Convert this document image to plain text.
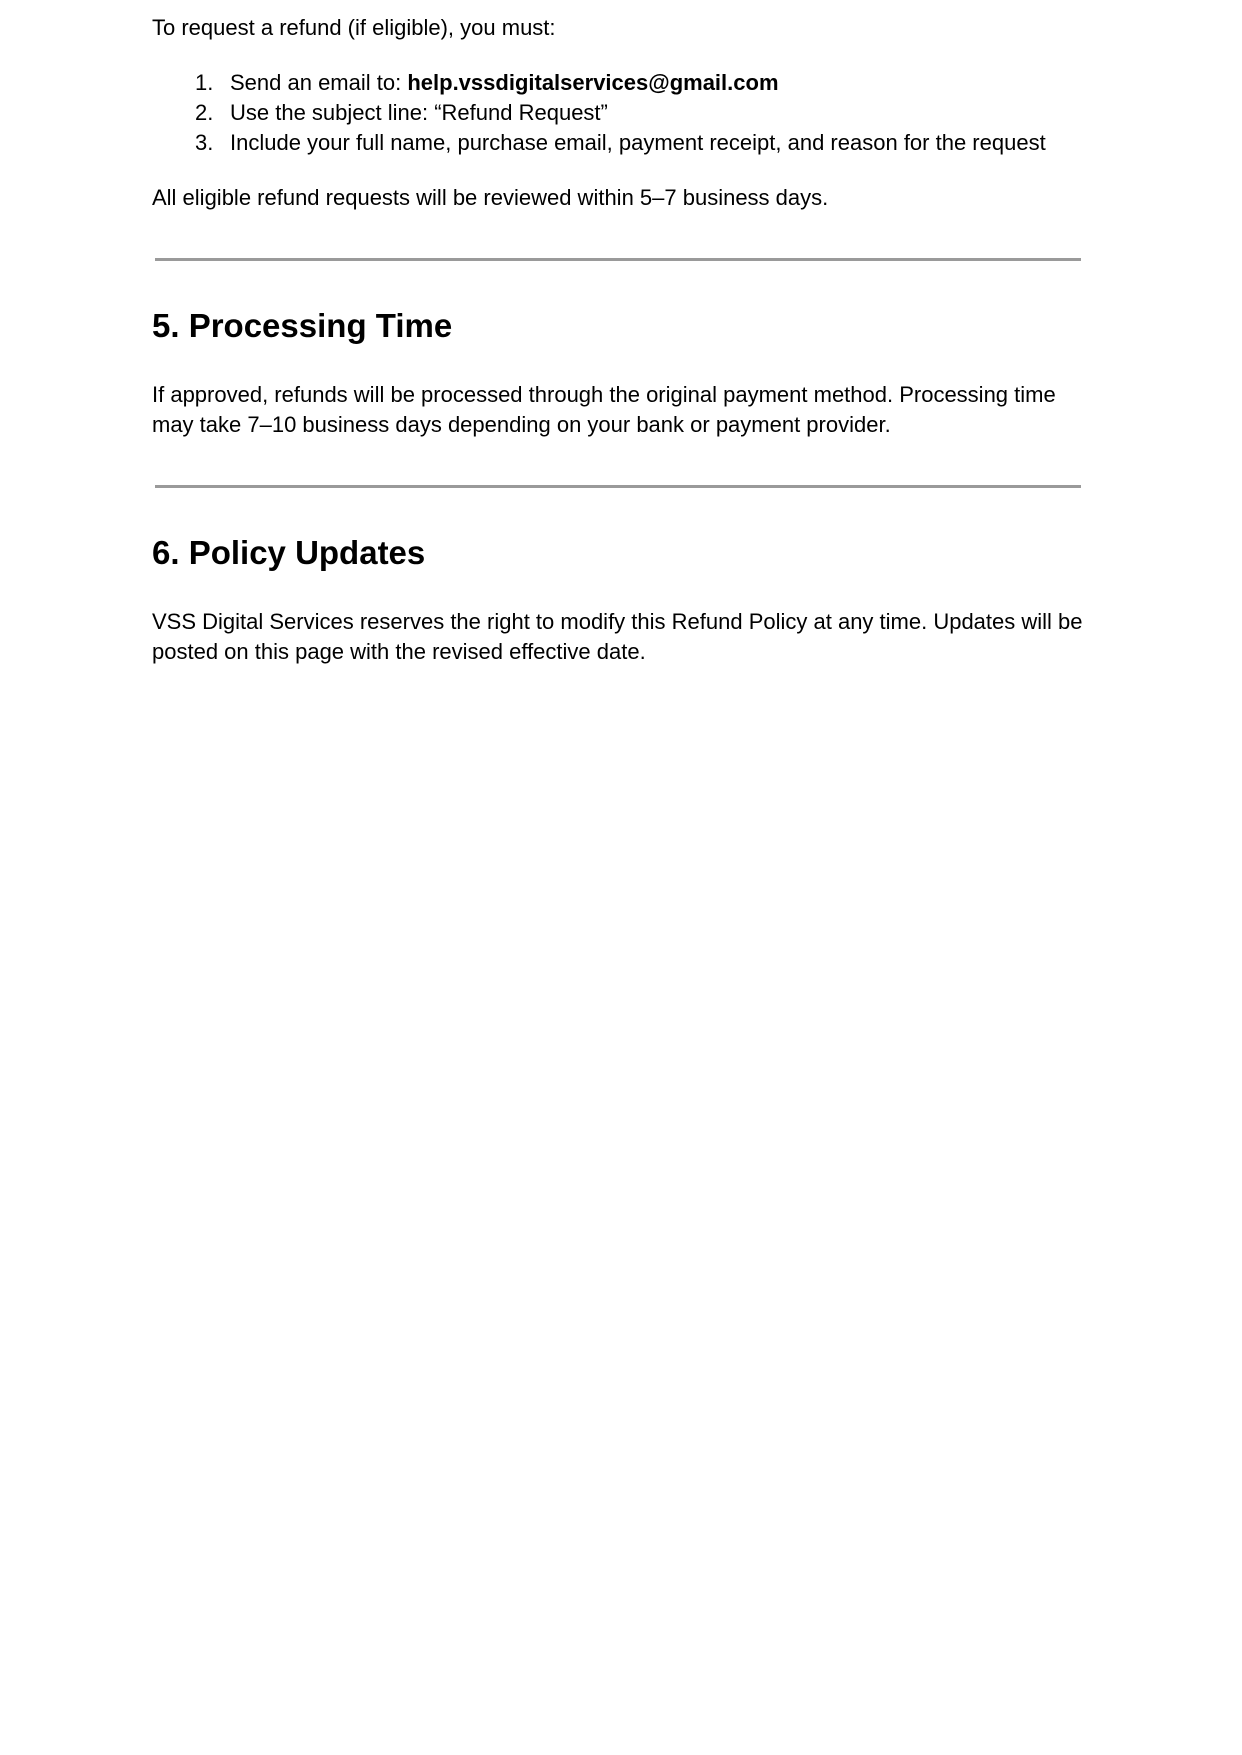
To request a refund (if eligible), you must:

1. Send an email to: help.vssdigitalservices@gmail.com
2. Use the subject line: “Refund Request”
3. Include your full name, purchase email, payment receipt, and reason for the request

All eligible refund requests will be reviewed within 5–7 business days.

5. Processing Time

If approved, refunds will be processed through the original payment method. Processing time may take 7–10 business days depending on your bank or payment provider.

6. Policy Updates

VSS Digital Services reserves the right to modify this Refund Policy at any time. Updates will be posted on this page with the revised effective date.
